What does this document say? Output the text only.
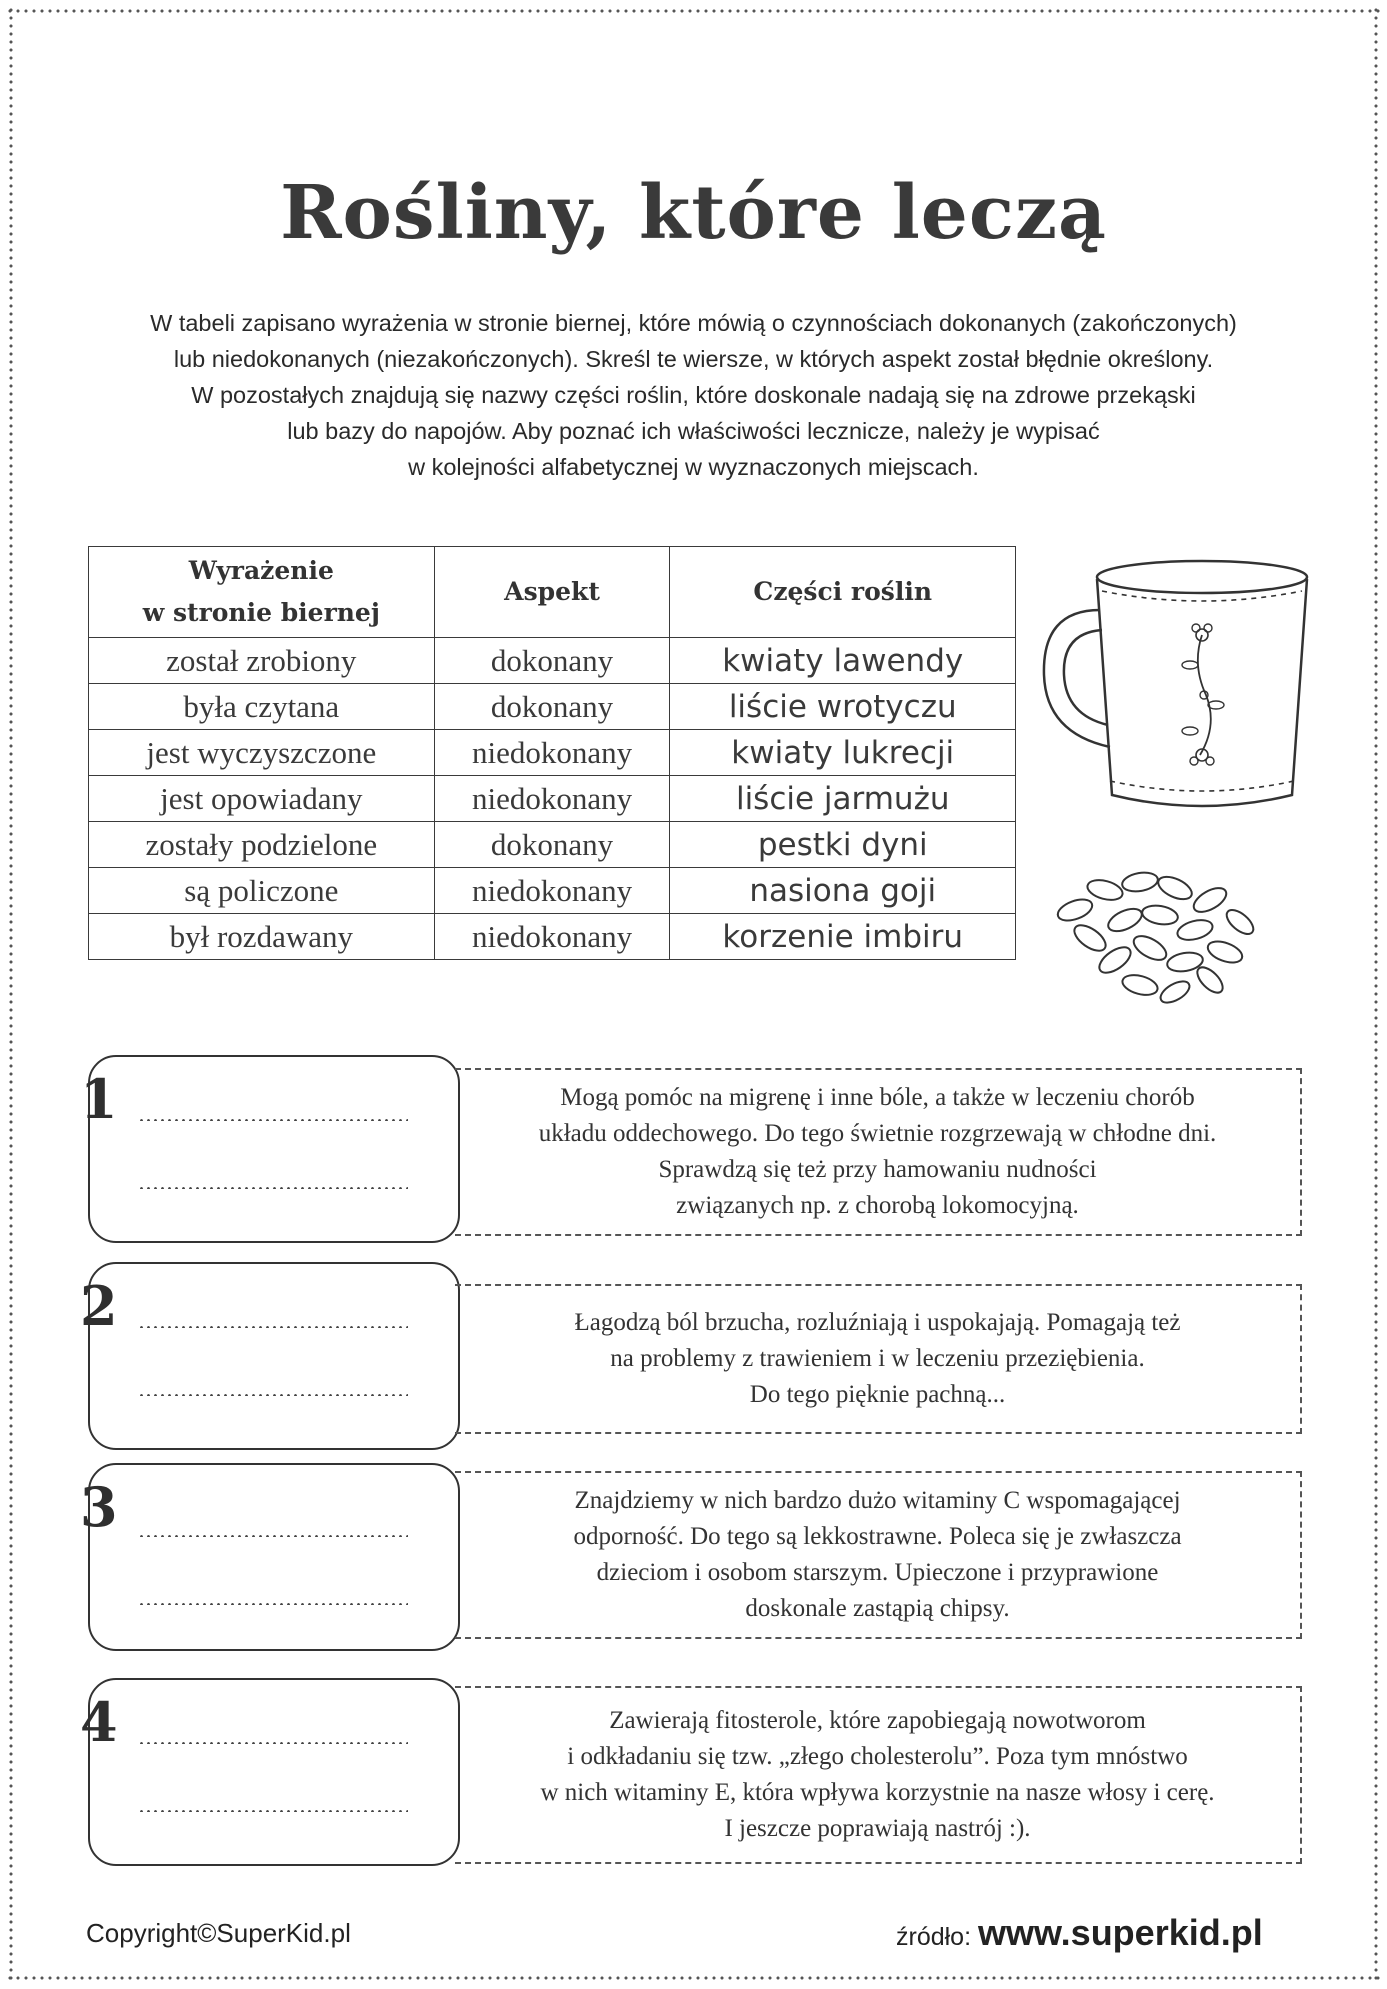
Rośliny, które leczą

W tabeli zapisano wyrażenia w stronie biernej, które mówią o czynnościach dokonanych (zakończonych)

lub niedokonanych (niezakończonych). Skreśl te wiersze, w których aspekt został błędnie określony.

W pozostałych znajdują się nazwy części roślin, które doskonale nadają się na zdrowe przekąski

lub bazy do napojów. Aby poznać ich właściwości lecznicze, należy je wypisać

w kolejności alfabetycznej w wyznaczonych miejscach.

Wyrażenie
w stronie biernej	Aspekt	Części roślin
został zrobiony	dokonany	kwiaty lawendy
była czytana	dokonany	liście wrotyczu
jest wyczyszczone	niedokonany	kwiaty lukrecji
jest opowiadany	niedokonany	liście jarmużu
zostały podzielone	dokonany	pestki dyni
są policzone	niedokonany	nasiona goji
był rozdawany	niedokonany	korzenie imbiru
1	Mogą pomóc na migrenę i inne bóle, a także w leczeniu chorób

układu oddechowego. Do tego świetnie rozgrzewają w chłodne dni.

Sprawdzą się też przy hamowaniu nudności

związanych np. z chorobą lokomocyjną.

2	Łagodzą ból brzucha, rozluźniają i uspokajają. Pomagają też

na problemy z trawieniem i w leczeniu przeziębienia.

Do tego pięknie pachną...

3	Znajdziemy w nich bardzo dużo witaminy C wspomagającej

odporność. Do tego są lekkostrawne. Poleca się je zwłaszcza

dzieciom i osobom starszym. Upieczone i przyprawione

doskonale zastąpią chipsy.

4	Zawierają fitosterole, które zapobiegają nowotworom

i odkładaniu się tzw. „złego cholesterolu”. Poza tym mnóstwo

w nich witaminy E, która wpływa korzystnie na nasze włosy i cerę.

I jeszcze poprawiają nastrój :).

Copyright©SuperKid.pl	źródło: www.superkid.pl
